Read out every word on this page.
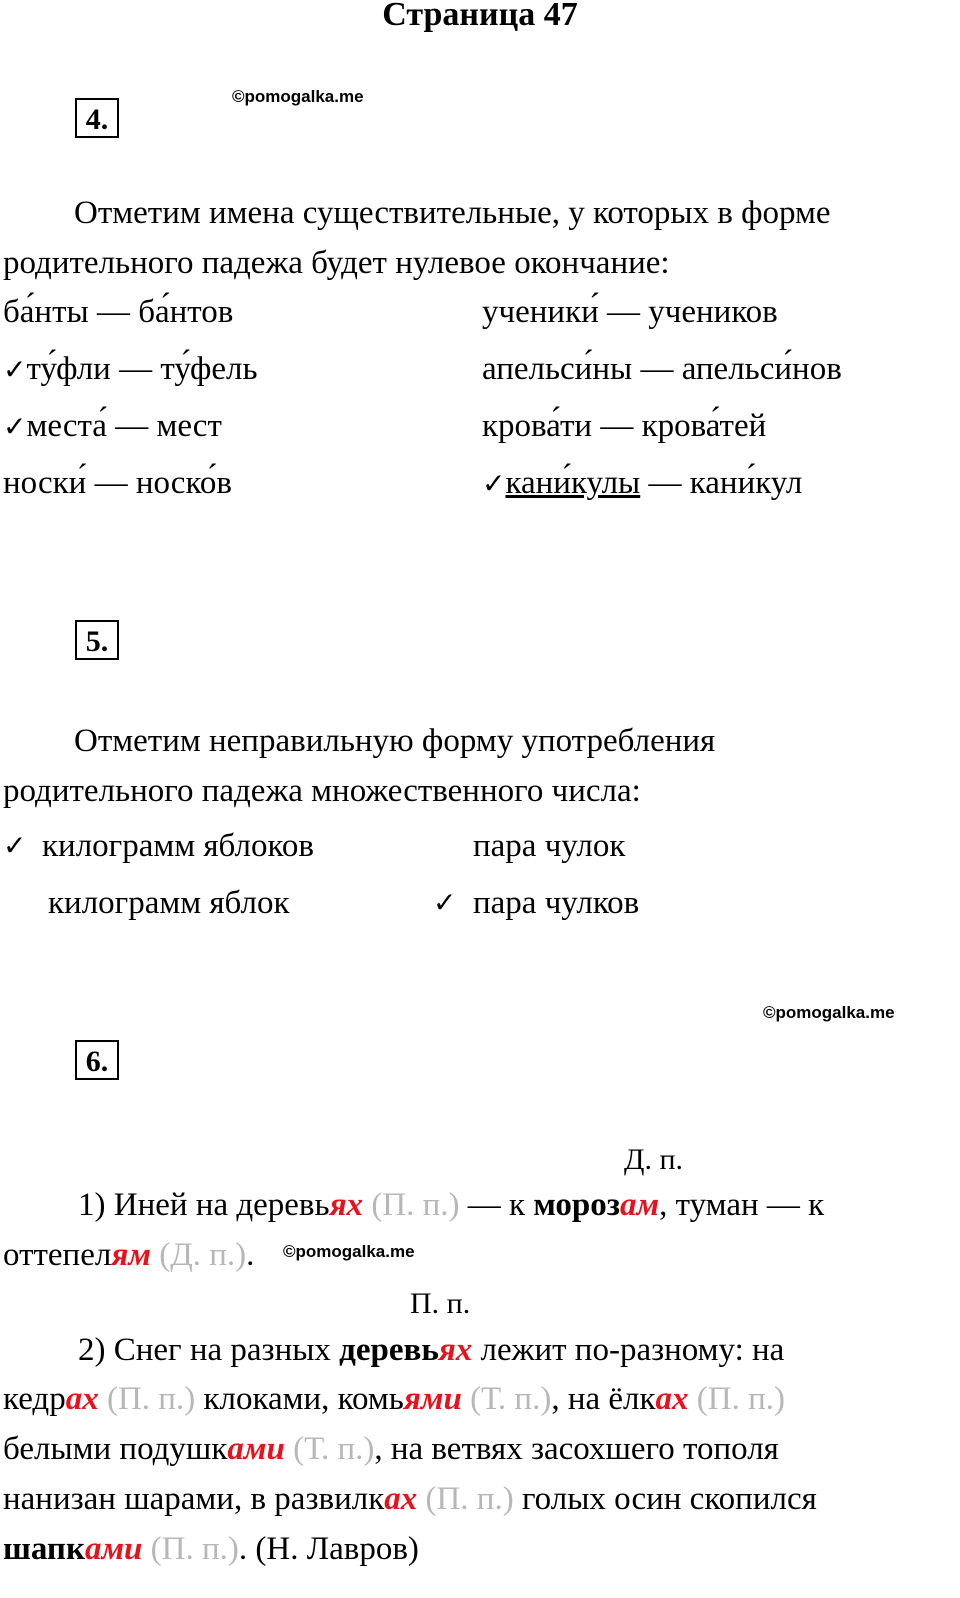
Страница 47
4.
©pomogalka.me
Отметим имена существительные, у которых в форме
родительного падежа будет нулевое окончание:
ба́нты — ба́нтов
✓ту́фли — ту́фель
✓места́ — мест
носки́ — носко́в
ученики́ — учеников
апельси́ны — апельси́нов
крова́ти — крова́тей
✓кани́кулы — кани́кул
5.
Отметим неправильную форму употребления
родительного падежа множественного числа:
✓ килограмм яблоков
килограмм яблок
пара чулок
✓ пара чулков
©pomogalka.me
6.
Д. п.
1) Иней на деревьях (П. п.) — к морозам, туман — к
оттепелям (Д. п.). ©pomogalka.me
П. п.
2) Снег на разных деревьях лежит по-разному: на
кедрах (П. п.) клоками, комьями (Т. п.), на ёлках (П. п.)
белыми подушками (Т. п.), на ветвях засохшего тополя
нанизан шарами, в развилках (П. п.) голых осин скопился
шапками (П. п.). (Н. Лавров)
